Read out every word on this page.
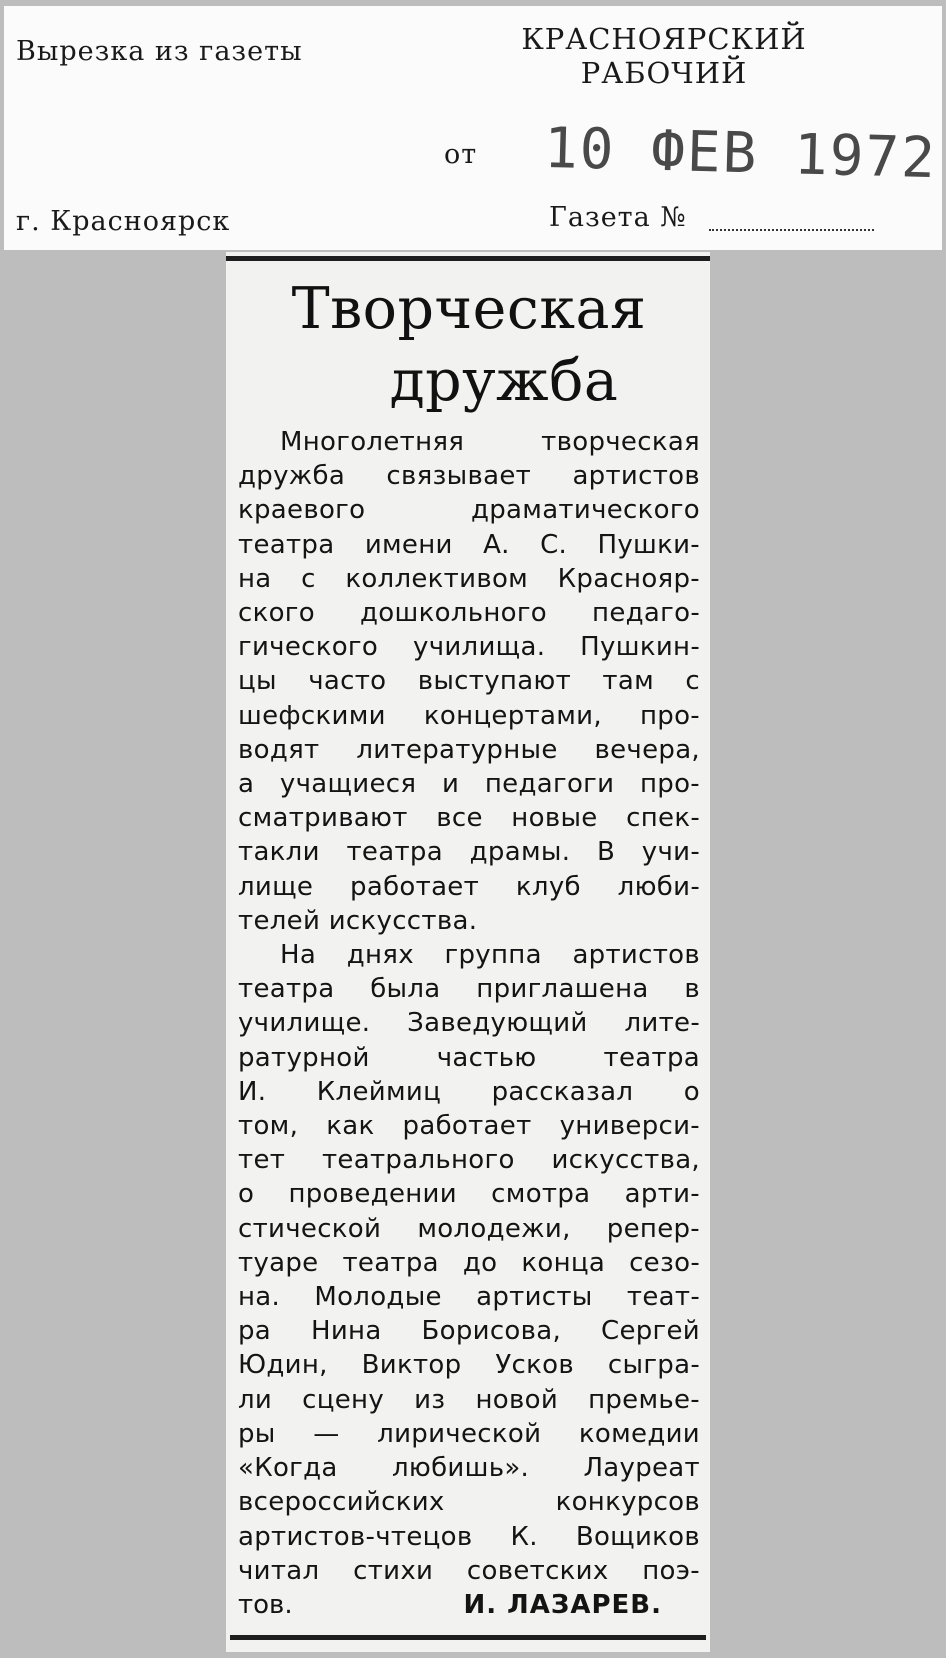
Вырезка из газеты	КРАСНОЯРСКИЙ
РАБОЧИЙ
от 10 ФЕВ 1972
г. Красноярск	Газета №
Творческая
дружба
Многолетняя творческая
дружба связывает артистов
краевого драматического
театра имени А. С. Пушки-
на с коллективом Краснояр-
ского дошкольного педаго-
гического училища. Пушкин-
цы часто выступают там с
шефскими концертами, про-
водят литературные вечера,
а учащиеся и педагоги про-
сматривают все новые спек-
такли театра драмы. В учи-
лище работает клуб люби-
телей искусства.
На днях группа артистов
театра была приглашена в
училище. Заведующий лите-
ратурной частью театра
И. Клеймиц рассказал о
том, как работает универси-
тет театрального искусства,
о проведении смотра арти-
стической молодежи, репер-
туаре театра до конца сезо-
на. Молодые артисты теат-
ра Нина Борисова, Сергей
Юдин, Виктор Усков сыгра-
ли сцену из новой премье-
ры — лирической комедии
«Когда любишь». Лауреат
всероссийских конкурсов
артистов-чтецов К. Вощиков
читал стихи советских поэ-
тов.	И. ЛАЗАРЕВ.
